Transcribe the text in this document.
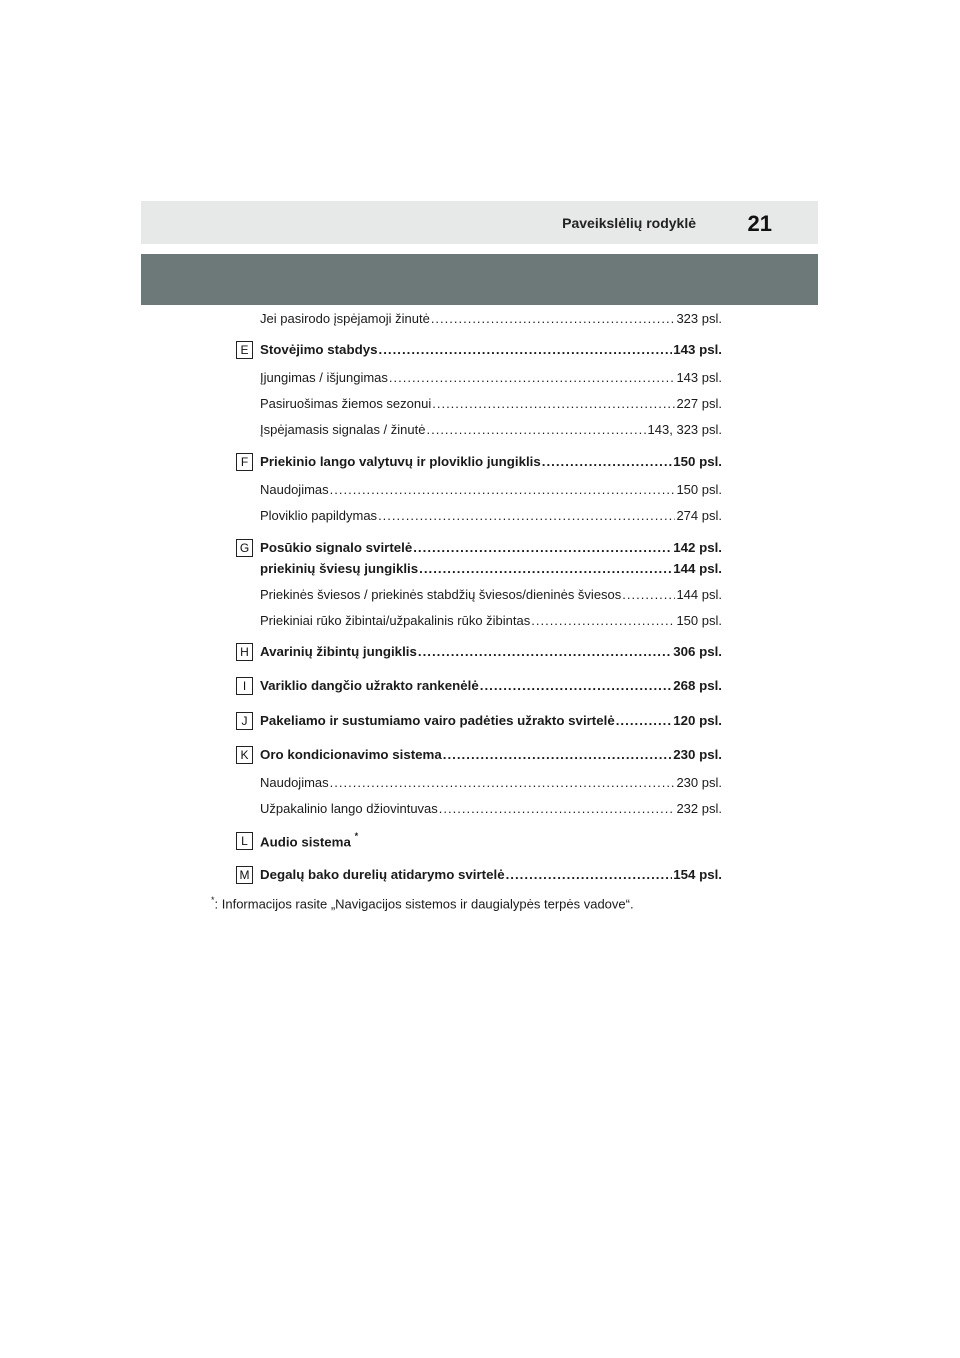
Paveikslėlių rodyklė 21
Jei pasirodo įspėjamoji žinutė .....	323 psl.
E Stovėjimo stabdys .....	143 psl.
Įjungimas / išjungimas .....	143 psl.
Pasiruošimas žiemos sezonui .....	227 psl.
Įspėjamasis signalas / žinutė .....	143, 323 psl.
F Priekinio lango valytuvų ir ploviklio jungiklis .....	150 psl.
Naudojimas .....	150 psl.
Ploviklio papildymas .....	274 psl.
G Posūkio signalo svirtelė .....	142 psl.
priekinių šviesų jungiklis .....	144 psl.
Priekinės šviesos / priekinės stabdžių šviesos/dieninės šviesos .....	144 psl.
Priekiniai rūko žibintai/užpakalinis rūko žibintas .....	150 psl.
H Avarinių žibintų jungiklis .....	306 psl.
I	Variklio dangčio užrakto rankenėlė .....	268 psl.
J Pakeliamo ir sustumiamo vairo padėties užrakto svirtelė .....	120 psl.
K Oro kondicionavimo sistema .....	230 psl.
Naudojimas .....	230 psl.
Užpakalinio lango džiovintuvas .....	232 psl.
L Audio sistema *
M Degalų bako durelių atidarymo svirtelė .....	154 psl.
*: Informacijos rasite „Navigacijos sistemos ir daugialypės terpės vadove“.
